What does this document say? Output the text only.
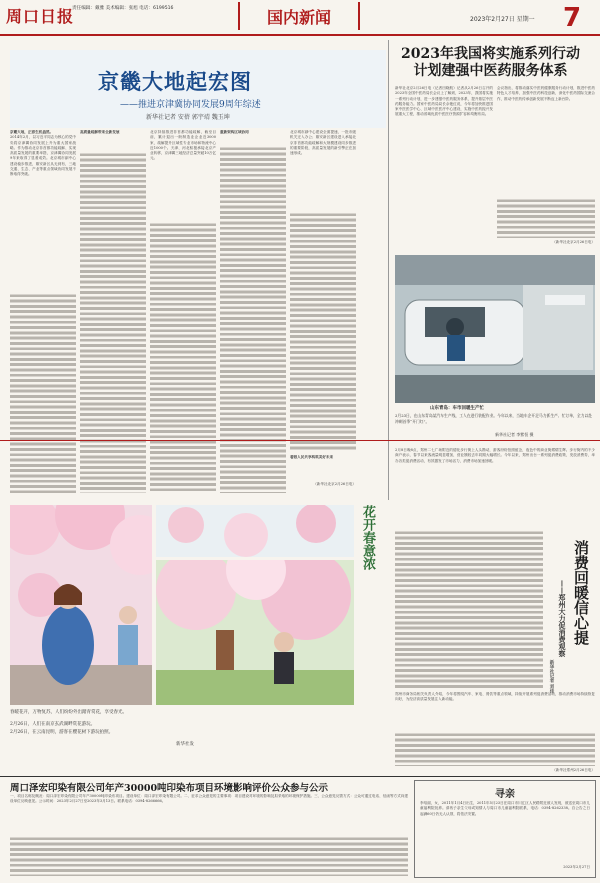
周口日报
责任编辑：戴雅 美术编辑：张旭 电话：6199516	国内新闻	2023年2月27日 星期一 7
京畿大地起宏图
——推进京津冀协同发展9周年综述
新华社记者 安蓓 郭宇靖 魏玉坤
京畿大地，正春生机盎然。
2014年2月，以习近平同志为核心的党中央将京津冀协同发展上升为重大国家战略。作为推动北京非首都功能疏解、实现高质量发展的重要举措，京津冀协同发展9年来取得了显著成效。北京城市副中心建设稳步推进，雄安新区从无到有，三地交通、生态、产业等重点领域协同发展不断取得突破。
高质量疏解带来全新发展	北京持续推进非首都功能疏解，截至目前，累计退出一般制造业企业近3000家，疏解提升区域性专业市场和物流中心近1000个。天津、河北积极承接北京产业转移，京津冀三地经济总量突破10万亿元。
重新架构区域协同	北京城市副中心建设全面提速，一批市级机关迁入办公；雄安新区建设进入承接北京非首都功能疏解和大规模建设同步推进的重要阶段，高质量发展的新引擎正在加速形成。
着眼人民共享构筑美好未来
（新华社北京2月26日电）
2023年我国将实施系列行动
计划建强中医药服务体系
新华社北京2月26日电（记者田晓航）记者从2月26日召开的2023年全国中医药局长会议上了解到，2023年，我国将实施一系列行动计划，进一步建强中医药服务体系，提升基层中医药服务能力。国家中医药局局长余艳红说，今年将加快推进国家中医医学中心、区域中医医疗中心建设，实施中医药振兴发展重大工程，推动省域优质中医医疗资源扩容和均衡布局。
会议指出，将推动落实中医药健康服务行动计划，推进中医药特色人才培养，加强中医药科技创新，深化中医药国际交流合作，推动中医药传承创新发展不断迈上新台阶。
（新华社北京2月26日电）
山东青岛：车市回暖生产忙
2月23日，在山东青岛某汽车生产线，工人在进行装配作业。今年以来，当地车企开足马力抓生产、忙订单，全力以赴冲刺首季“开门红”。
新华社记者 李紫恒 摄
花开春意浓
春暖花开，万物复苏，人们纷纷外出踏青赏花，享受春光。
2月26日，人们在南京玄武湖畔赏花游玩。
2月26日，在云南昆明，游客在樱花树下游玩拍照。
新华社发
消费回暖信心提
——郑州大力促消费观察
新华社记者 刘佳
2月8日晚8点，郑州二七广场附近的德化步行街上人头攒动，游客纷纷拍照留念，夜色中的商业街熠熠生辉。步行街内的不少商户表示，春节以来客流量明显增加，营业额较去年同期大幅增长。今年以来，郑州出台一系列促消费政策，发放消费券，举办各类促消费活动，有效激发了市场活力，消费市场加速回暖。
郑州市商务局相关负责人介绍，今年将围绕汽车、家电、餐饮等重点领域，持续开展系列促消费活动，推动消费市场持续恢复向好，为经济高质量发展注入新动能。
（新华社郑州2月26日电）
周口泽宏印染有限公司年产30000吨印染布项目环境影响评价公众参与公示
一、项目名称及概况：周口泽宏印染有限公司年产30000吨印染布项目。建设单位：周口泽宏印染有限公司。二、征求公众意见的主要事项：项目建设对环境的影响及拟采取的环境保护措施。三、公众意见反馈方式：公众可通过电话、信函等方式向建设单位反映意见。公示时间：2023年2月27日至2023年3月13日。联系电话：0394-8266666。
寻亲
李培丽，女，2011年1月4日出生，2011年5月23日在周口市川汇区人民路附近被人发现，被送至周口市儿童福利院抚养。请孩子亲生父母或知情人与周口市儿童福利院联系，电话：0394-8262338。自公告之日起满60日仍无人认领，将依法安置。
2023年2月27日
